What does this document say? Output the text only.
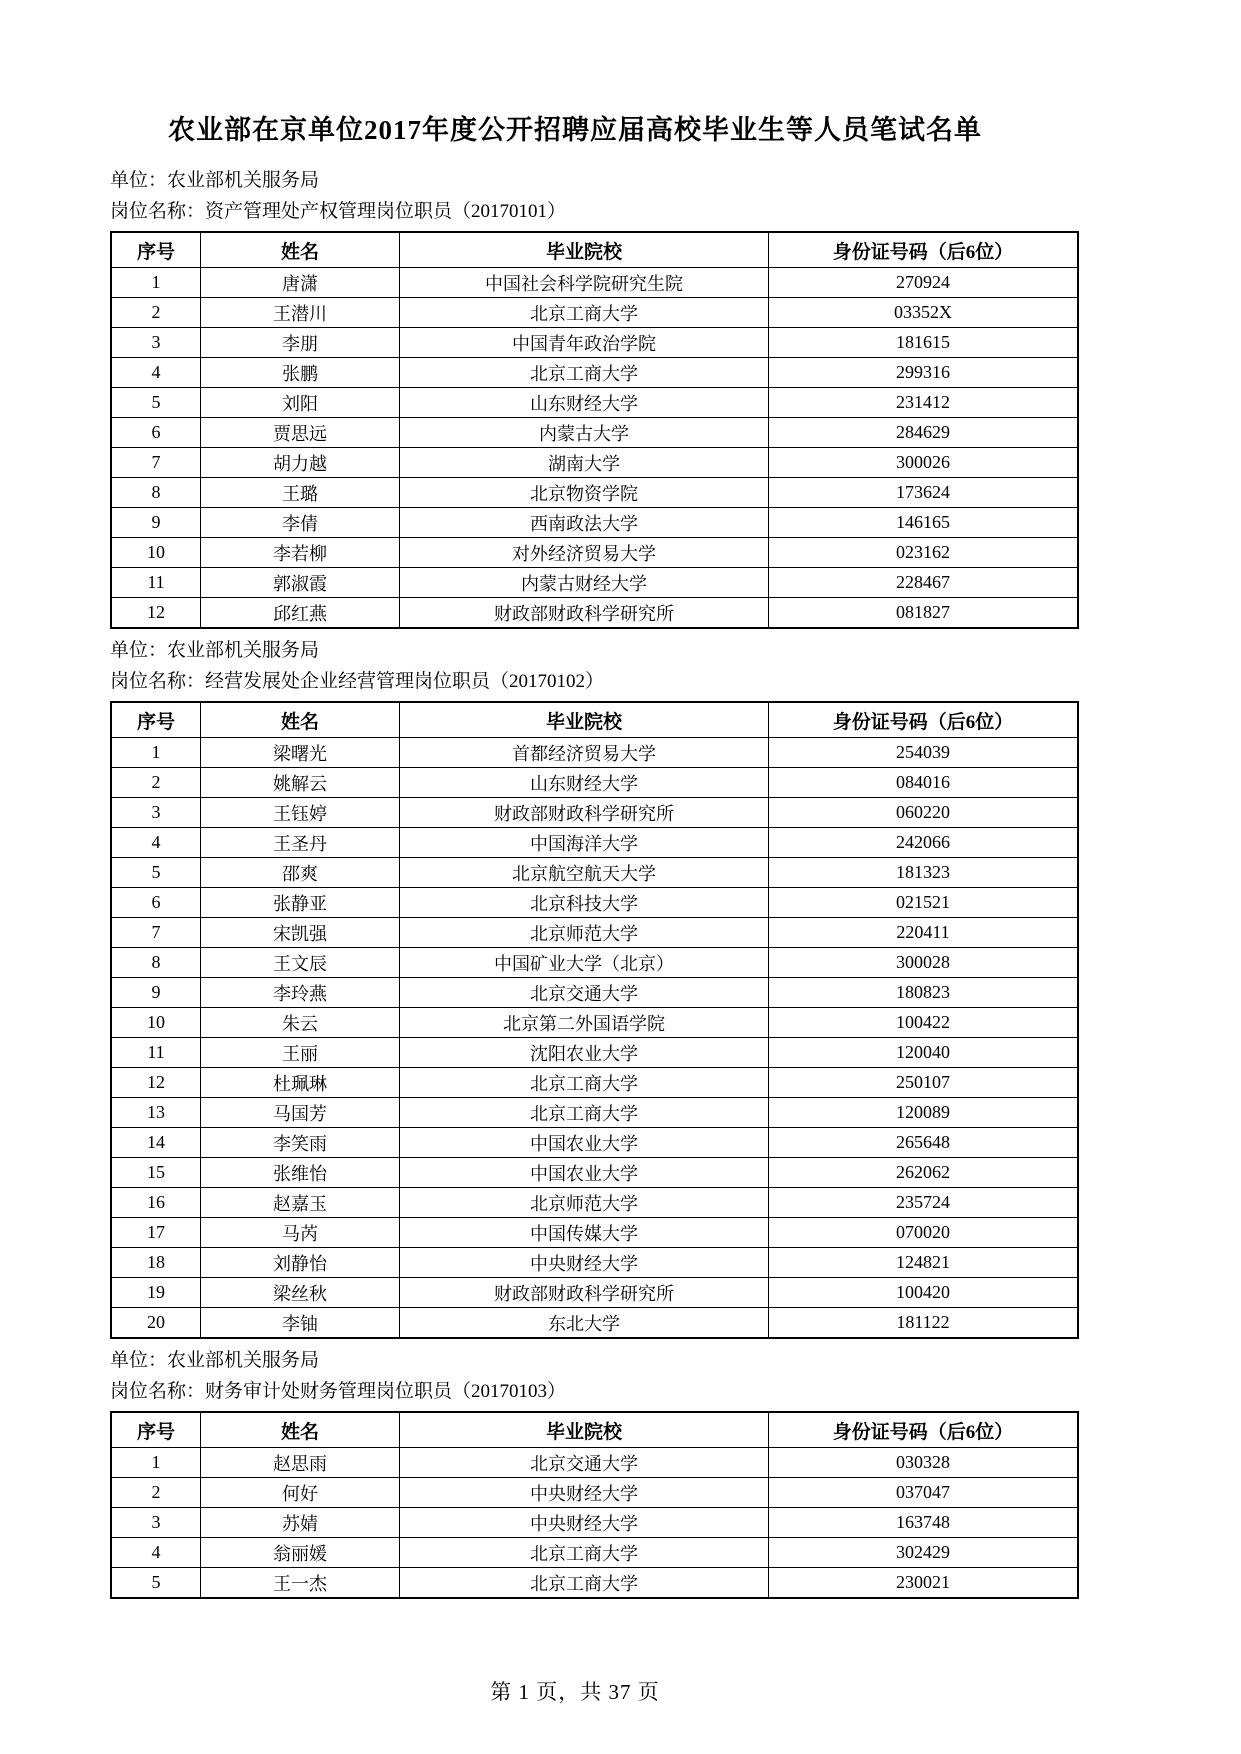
农业部在京单位2017年度公开招聘应届高校毕业生等人员笔试名单

单位：农业部机关服务局

岗位名称：资产管理处产权管理岗位职员（20170101）

序号	姓名	毕业院校	身份证号码（后6位）
1	唐潇	中国社会科学院研究生院	270924
2	王潜川	北京工商大学	03352X
3	李朋	中国青年政治学院	181615
4	张鹏	北京工商大学	299316
5	刘阳	山东财经大学	231412
6	贾思远	内蒙古大学	284629
7	胡力越	湖南大学	300026
8	王璐	北京物资学院	173624
9	李倩	西南政法大学	146165
10	李若柳	对外经济贸易大学	023162
11	郭淑霞	内蒙古财经大学	228467
12	邱红燕	财政部财政科学研究所	081827

单位：农业部机关服务局

岗位名称：经营发展处企业经营管理岗位职员（20170102）

序号	姓名	毕业院校	身份证号码（后6位）
1	梁曙光	首都经济贸易大学	254039
2	姚解云	山东财经大学	084016
3	王钰婷	财政部财政科学研究所	060220
4	王圣丹	中国海洋大学	242066
5	邵爽	北京航空航天大学	181323
6	张静亚	北京科技大学	021521
7	宋凯强	北京师范大学	220411
8	王文辰	中国矿业大学（北京）	300028
9	李玲燕	北京交通大学	180823
10	朱云	北京第二外国语学院	100422
11	王丽	沈阳农业大学	120040
12	杜珮琳	北京工商大学	250107
13	马国芳	北京工商大学	120089
14	李笑雨	中国农业大学	265648
15	张维怡	中国农业大学	262062
16	赵嘉玉	北京师范大学	235724
17	马芮	中国传媒大学	070020
18	刘静怡	中央财经大学	124821
19	梁丝秋	财政部财政科学研究所	100420
20	李铀	东北大学	181122

单位：农业部机关服务局

岗位名称：财务审计处财务管理岗位职员（20170103）

序号	姓名	毕业院校	身份证号码（后6位）
1	赵思雨	北京交通大学	030328
2	何好	中央财经大学	037047
3	苏婧	中央财经大学	163748
4	翁丽媛	北京工商大学	302429
5	王一杰	北京工商大学	230021
第 1 页，共 37 页
